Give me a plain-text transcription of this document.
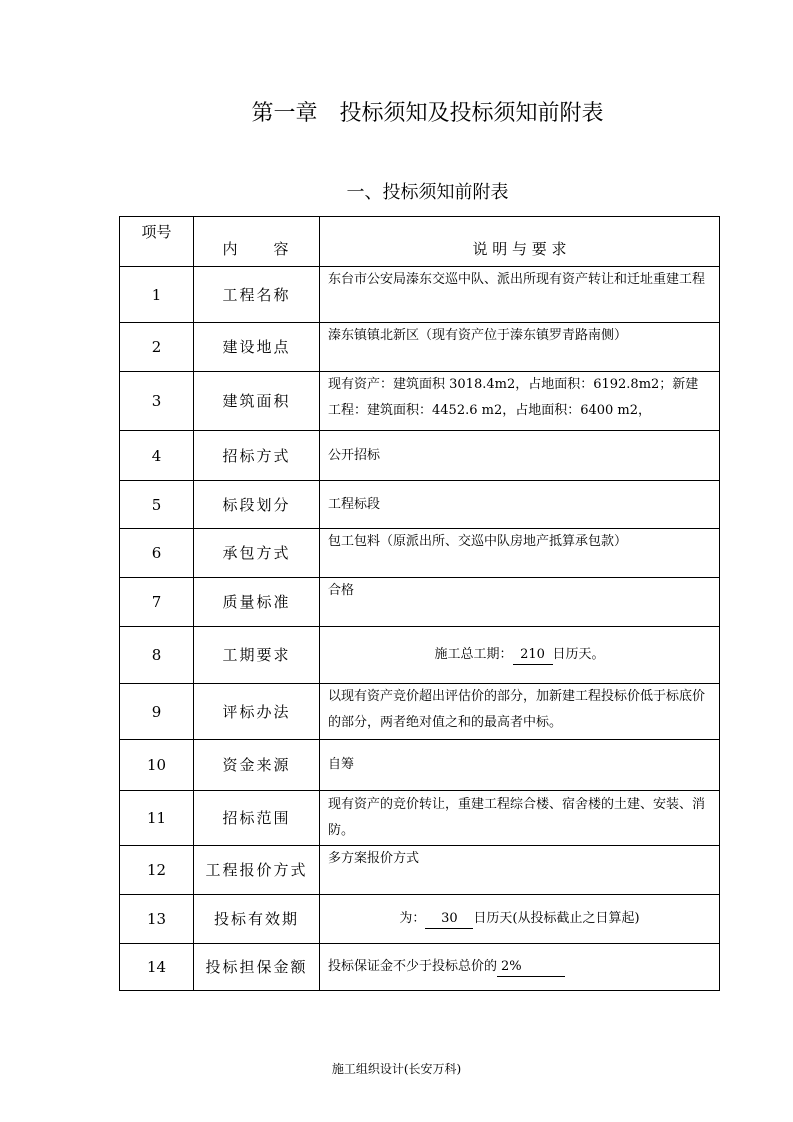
第一章　投标须知及投标须知前附表
一、投标须知前附表
项号	内　　容	说 明 与 要 求
1	工程名称	东台市公安局溱东交巡中队、派出所现有资产转让和迁址重建工程
2	建设地点	溱东镇镇北新区（现有资产位于溱东镇罗青路南侧）
3	建筑面积	现有资产：建筑面积 3018.4m2，占地面积：6192.8m2；新建工程：建筑面积：4452.6 m2，占地面积：6400 m2，
4	招标方式	公开招标
5	标段划分	工程标段
6	承包方式	包工包料（原派出所、交巡中队房地产抵算承包款）
7	质量标准	合格
8	工期要求	施工总工期： 210 日历天。
9	评标办法	以现有资产竞价超出评估价的部分，加新建工程投标价低于标底价的部分，两者绝对值之和的最高者中标。
10	资金来源	自筹
11	招标范围	现有资产的竞价转让，重建工程综合楼、宿舍楼的土建、安装、消防。
12	工程报价方式	多方案报价方式
13	投标有效期	为： 30 日历天(从投标截止之日算起)
14	投标担保金额	投标保证金不少于投标总价的 2%
施工组织设计(长安万科)
